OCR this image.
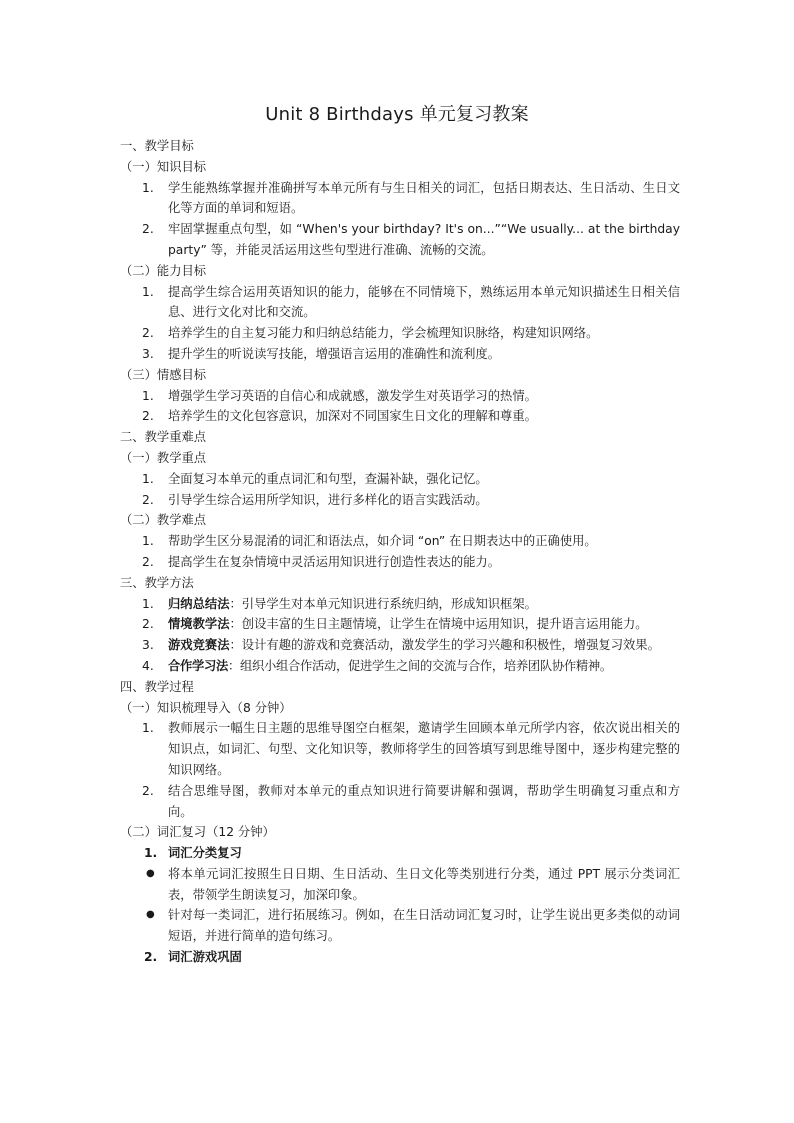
Unit 8 Birthdays 单元复习教案

一、教学目标

（一）知识目标

1. 学生能熟练掌握并准确拼写本单元所有与生日相关的词汇，包括日期表达、生日活动、生日文化等方面的单词和短语。
2. 牢固掌握重点句型，如 “When's your birthday? It's on...”“We usually... at the birthday party” 等，并能灵活运用这些句型进行准确、流畅的交流。

（二）能力目标

1. 提高学生综合运用英语知识的能力，能够在不同情境下，熟练运用本单元知识描述生日相关信息、进行文化对比和交流。
2. 培养学生的自主复习能力和归纳总结能力，学会梳理知识脉络，构建知识网络。
3. 提升学生的听说读写技能，增强语言运用的准确性和流利度。

（三）情感目标

1. 增强学生学习英语的自信心和成就感，激发学生对英语学习的热情。
2. 培养学生的文化包容意识，加深对不同国家生日文化的理解和尊重。

二、教学重难点

（一）教学重点

1. 全面复习本单元的重点词汇和句型，查漏补缺，强化记忆。
2. 引导学生综合运用所学知识，进行多样化的语言实践活动。

（二）教学难点

1. 帮助学生区分易混淆的词汇和语法点，如介词 “on” 在日期表达中的正确使用。
2. 提高学生在复杂情境中灵活运用知识进行创造性表达的能力。

三、教学方法

1. 归纳总结法：引导学生对本单元知识进行系统归纳，形成知识框架。
2. 情境教学法：创设丰富的生日主题情境，让学生在情境中运用知识，提升语言运用能力。
3. 游戏竞赛法：设计有趣的游戏和竞赛活动，激发学生的学习兴趣和积极性，增强复习效果。
4. 合作学习法：组织小组合作活动，促进学生之间的交流与合作，培养团队协作精神。

四、教学过程

（一）知识梳理导入（8 分钟）

1. 教师展示一幅生日主题的思维导图空白框架，邀请学生回顾本单元所学内容，依次说出相关的知识点，如词汇、句型、文化知识等，教师将学生的回答填写到思维导图中，逐步构建完整的知识网络。
2. 结合思维导图，教师对本单元的重点知识进行简要讲解和强调，帮助学生明确复习重点和方向。

（二）词汇复习（12 分钟）

1. 词汇分类复习
● 将本单元词汇按照生日日期、生日活动、生日文化等类别进行分类，通过 PPT 展示分类词汇表，带领学生朗读复习，加深印象。
● 针对每一类词汇，进行拓展练习。例如，在生日活动词汇复习时，让学生说出更多类似的动词短语，并进行简单的造句练习。
2. 词汇游戏巩固
